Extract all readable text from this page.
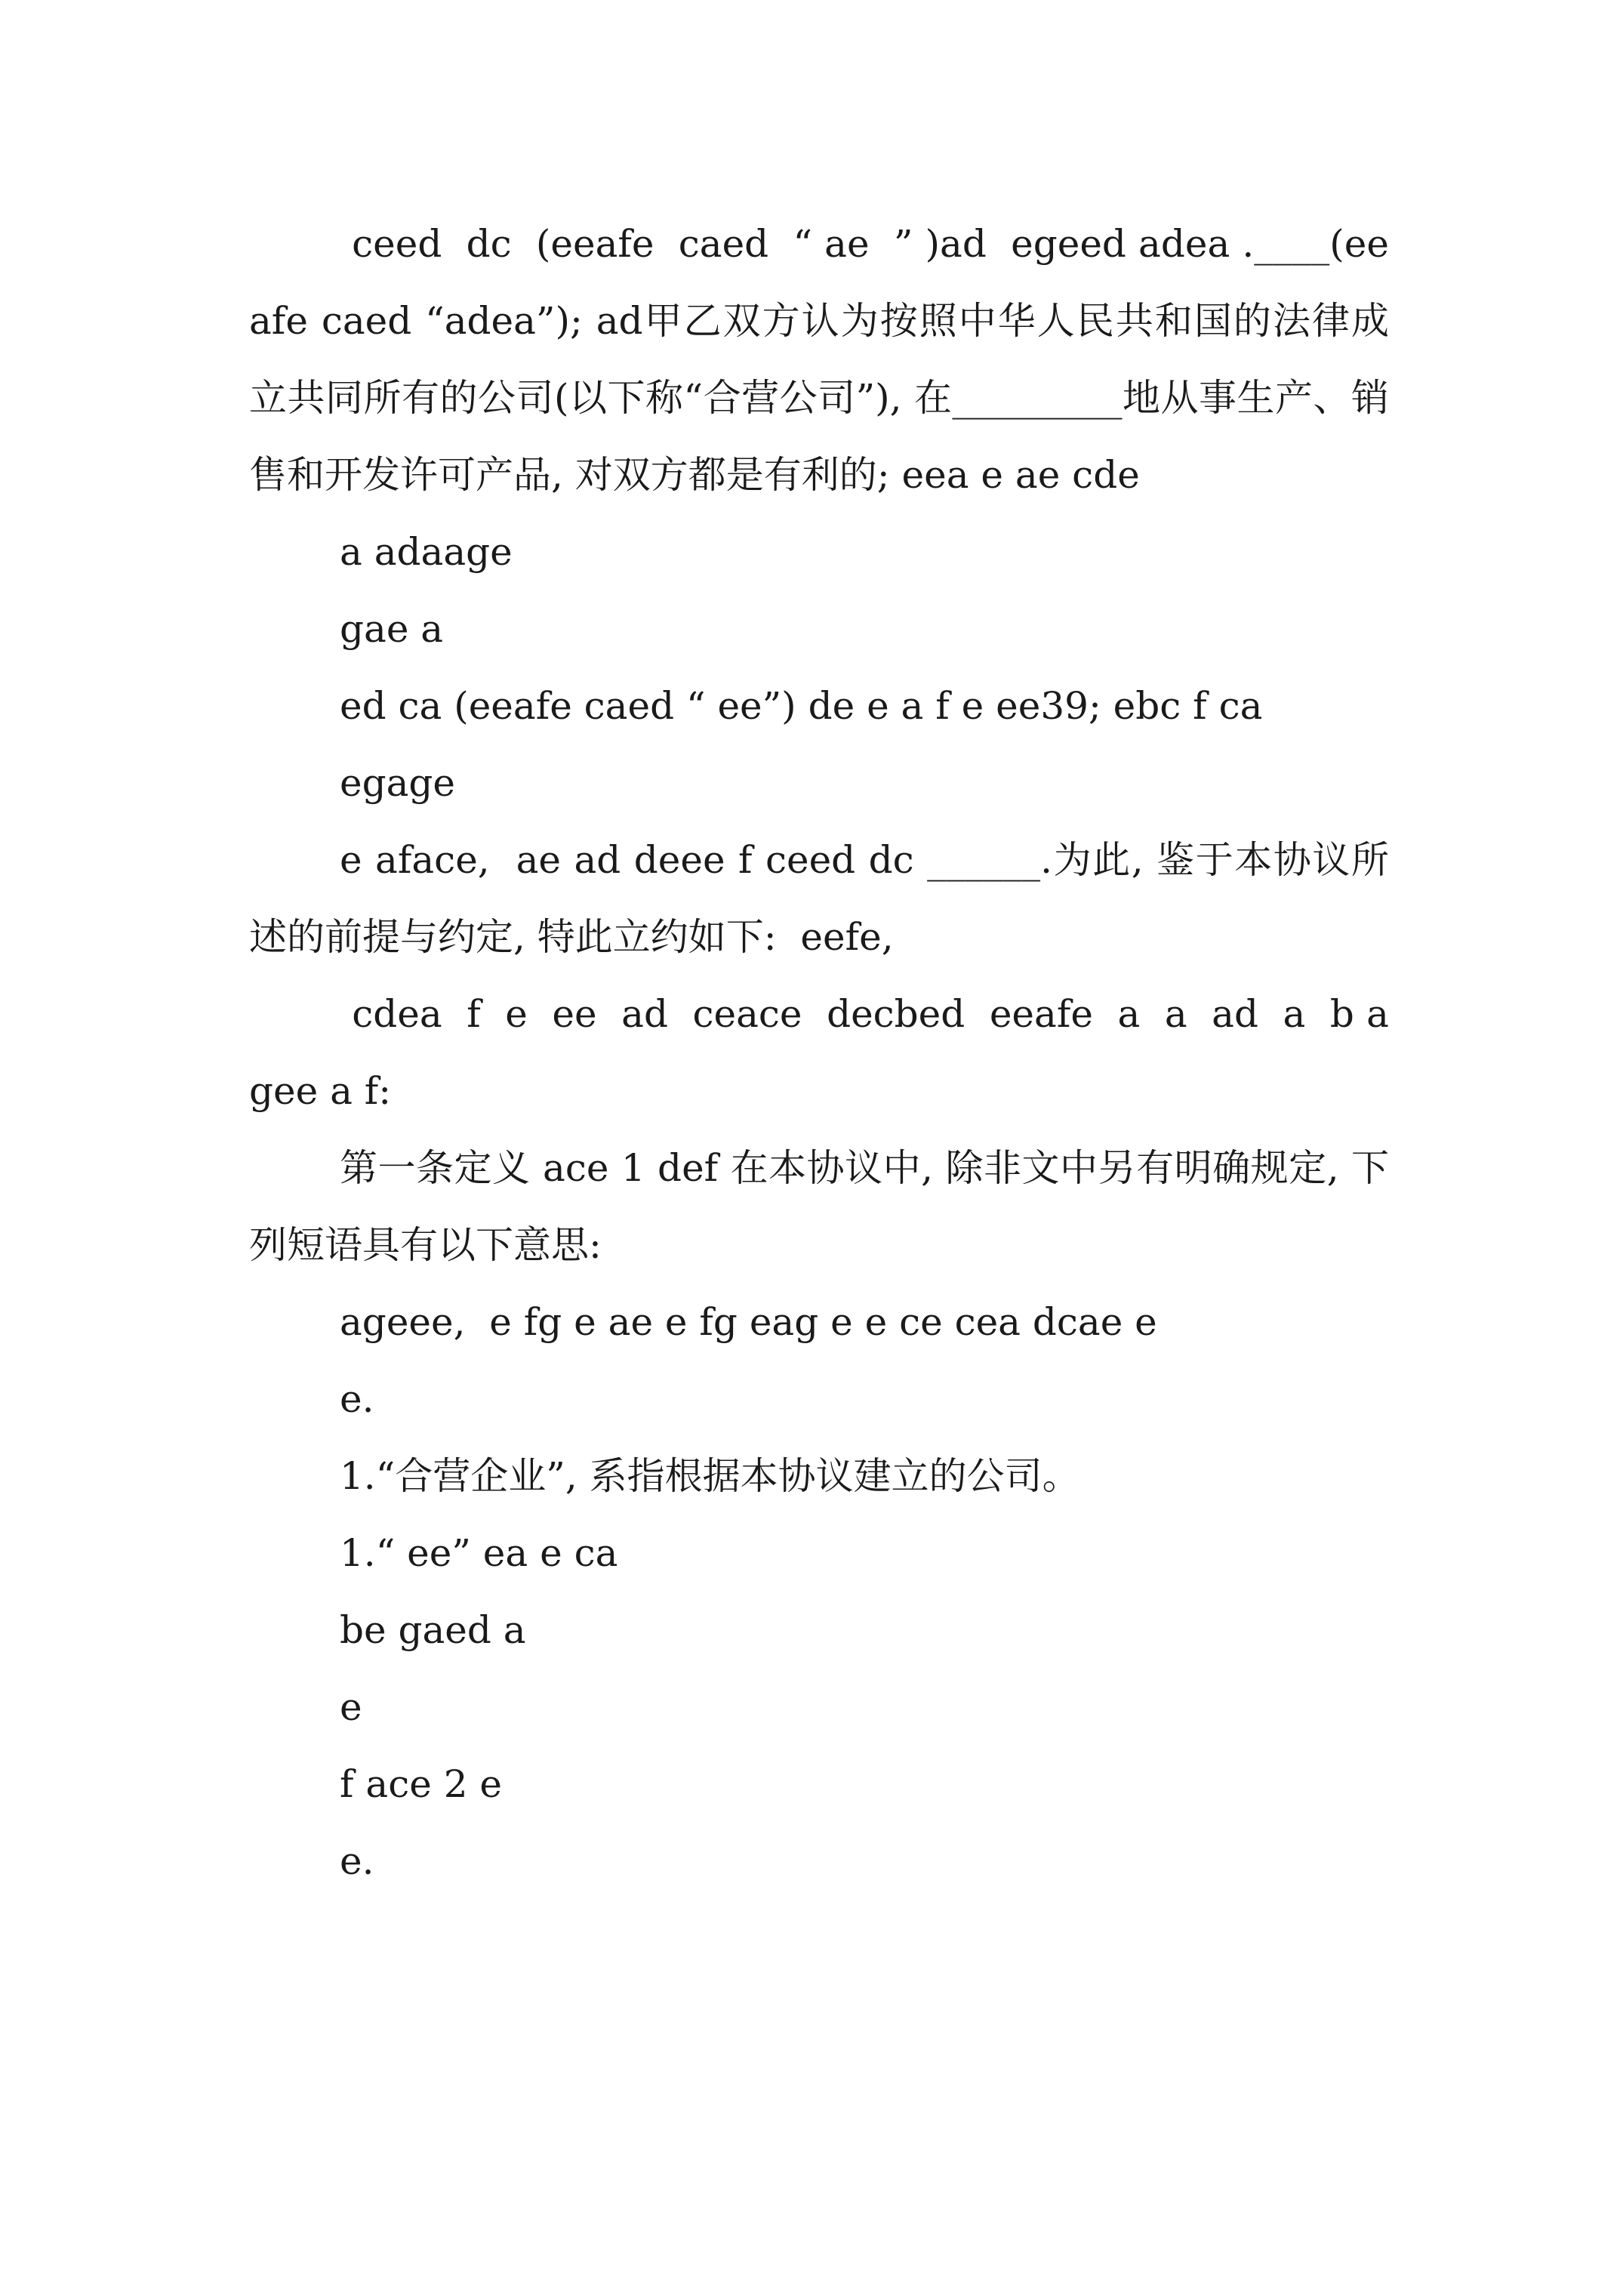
ceed  dc  (eeafe  caed  “ ae  ” )ad  egeed adea .____(eeafe caed “adea”); ad甲乙双方认为按照中华人民共和国的法律成立共同所有的公司(以下称“合营公司”), 在_________地从事生产、销售和开发许可产品, 对双方都是有利的; eea e ae cde

a adaage

gae a

ed ca (eeafe caed “ ee”) de e a f e ee39; ebc f ca

egage

e aface,  ae ad deee f ceed dc ______.为此, 鉴于本协议所述的前提与约定, 特此立约如下:  eefe,

cdea  f  e  ee  ad  ceace  decbed  eeafe  a  a  ad  a  b agee a f:

第一条定义 ace 1 def 在本协议中, 除非文中另有明确规定, 下列短语具有以下意思:

ageee,  e fg e ae e fg eag e e ce cea dcae e

e.

1.“合营企业”, 系指根据本协议建立的公司。

1.“ ee” ea e ca

be gaed a

e

f ace 2 e

e.
